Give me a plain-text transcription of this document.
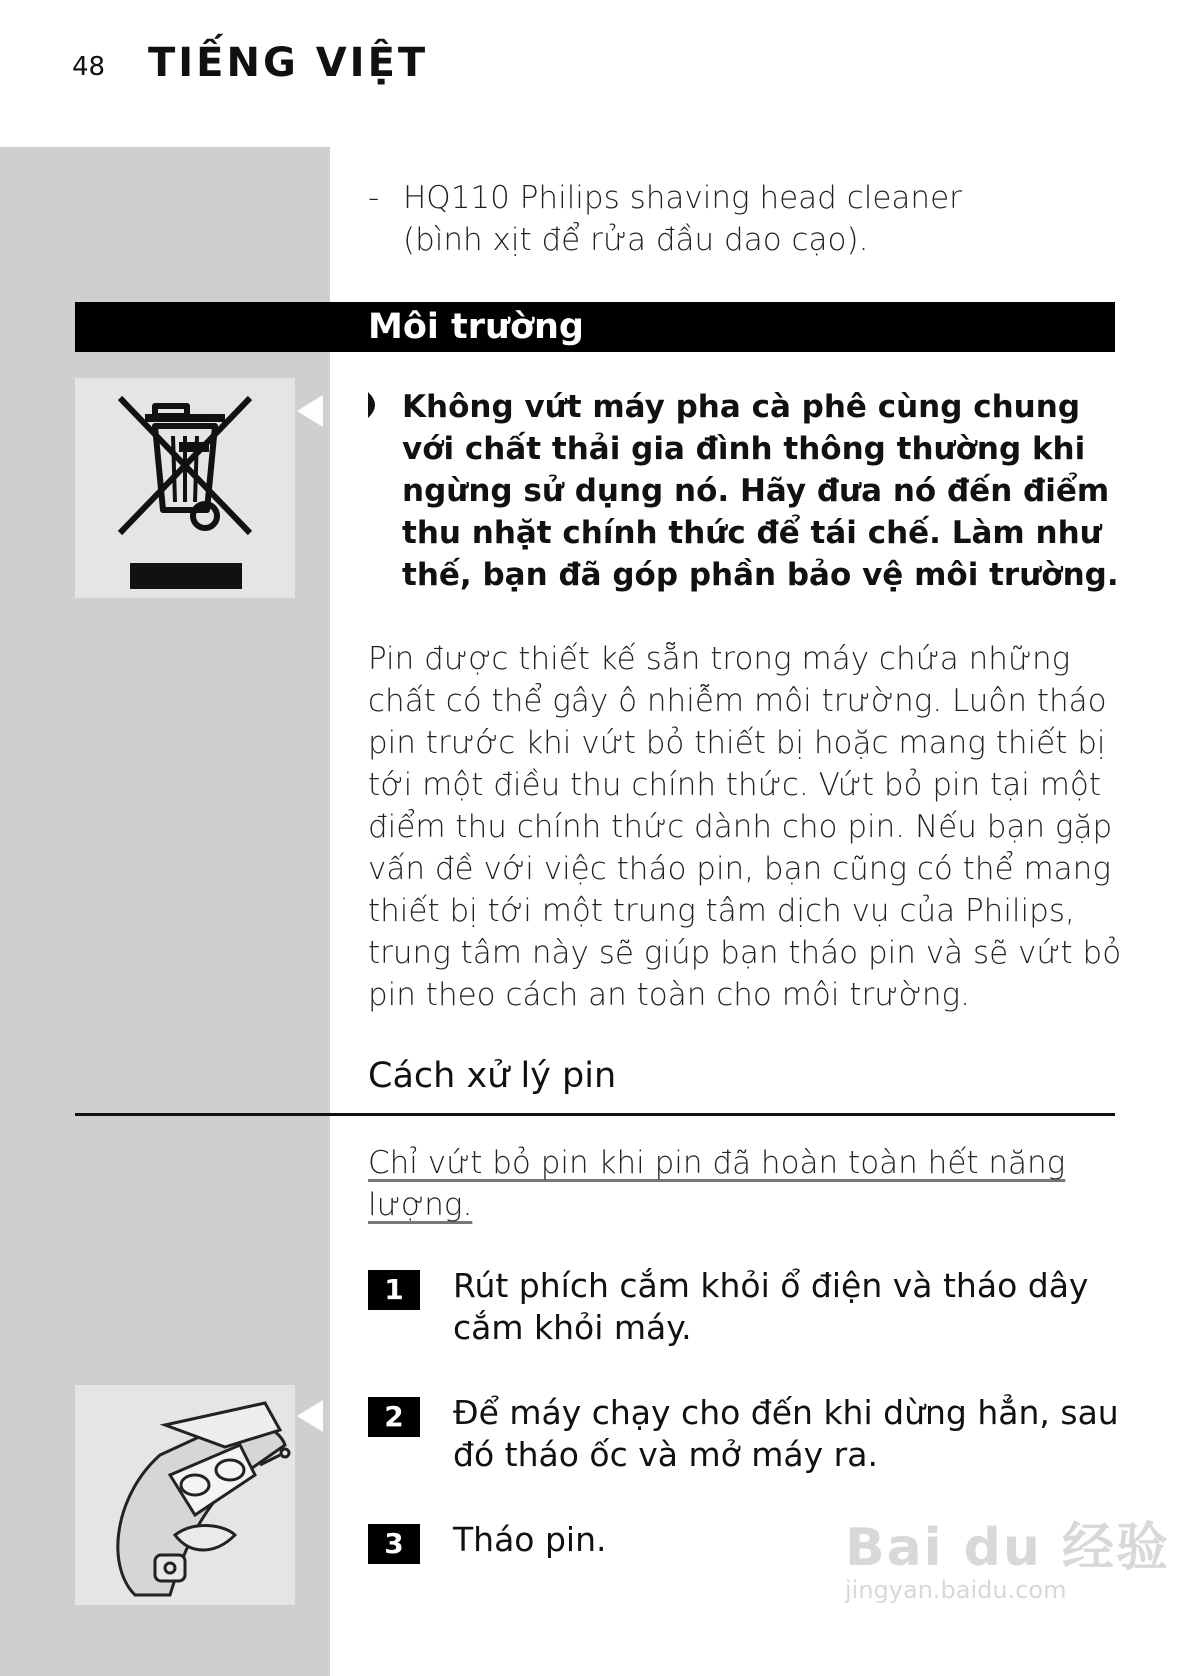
48 TIẾNG VIỆT
- HQ110 Philips shaving head cleaner
(bình xịt để rửa đầu dao cạo).
Môi trường
Không vứt máy pha cà phê cùng chung với chất thải gia đình thông thường khi ngừng sử dụng nó. Hãy đưa nó đến điểm thu nhặt chính thức để tái chế. Làm như thế, bạn đã góp phần bảo vệ môi trường.
Pin được thiết kế sẵn trong máy chứa những chất có thể gây ô nhiễm môi trường. Luôn tháo pin trước khi vứt bỏ thiết bị hoặc mang thiết bị tới một điều thu chính thức. Vứt bỏ pin tại một điểm thu chính thức dành cho pin. Nếu bạn gặp vấn đề với việc tháo pin, bạn cũng có thể mang thiết bị tới một trung tâm dịch vụ của Philips, trung tâm này sẽ giúp bạn tháo pin và sẽ vứt bỏ pin theo cách an toàn cho môi trường.
Cách xử lý pin
Chỉ vứt bỏ pin khi pin đã hoàn toàn hết năng lượng.
1	Rút phích cắm khỏi ổ điện và tháo dây cắm khỏi máy.
2	Để máy chạy cho đến khi dừng hẳn, sau đó tháo ốc và mở máy ra.
3	Tháo pin.	Bai du 经验
jingyan.baidu.com
